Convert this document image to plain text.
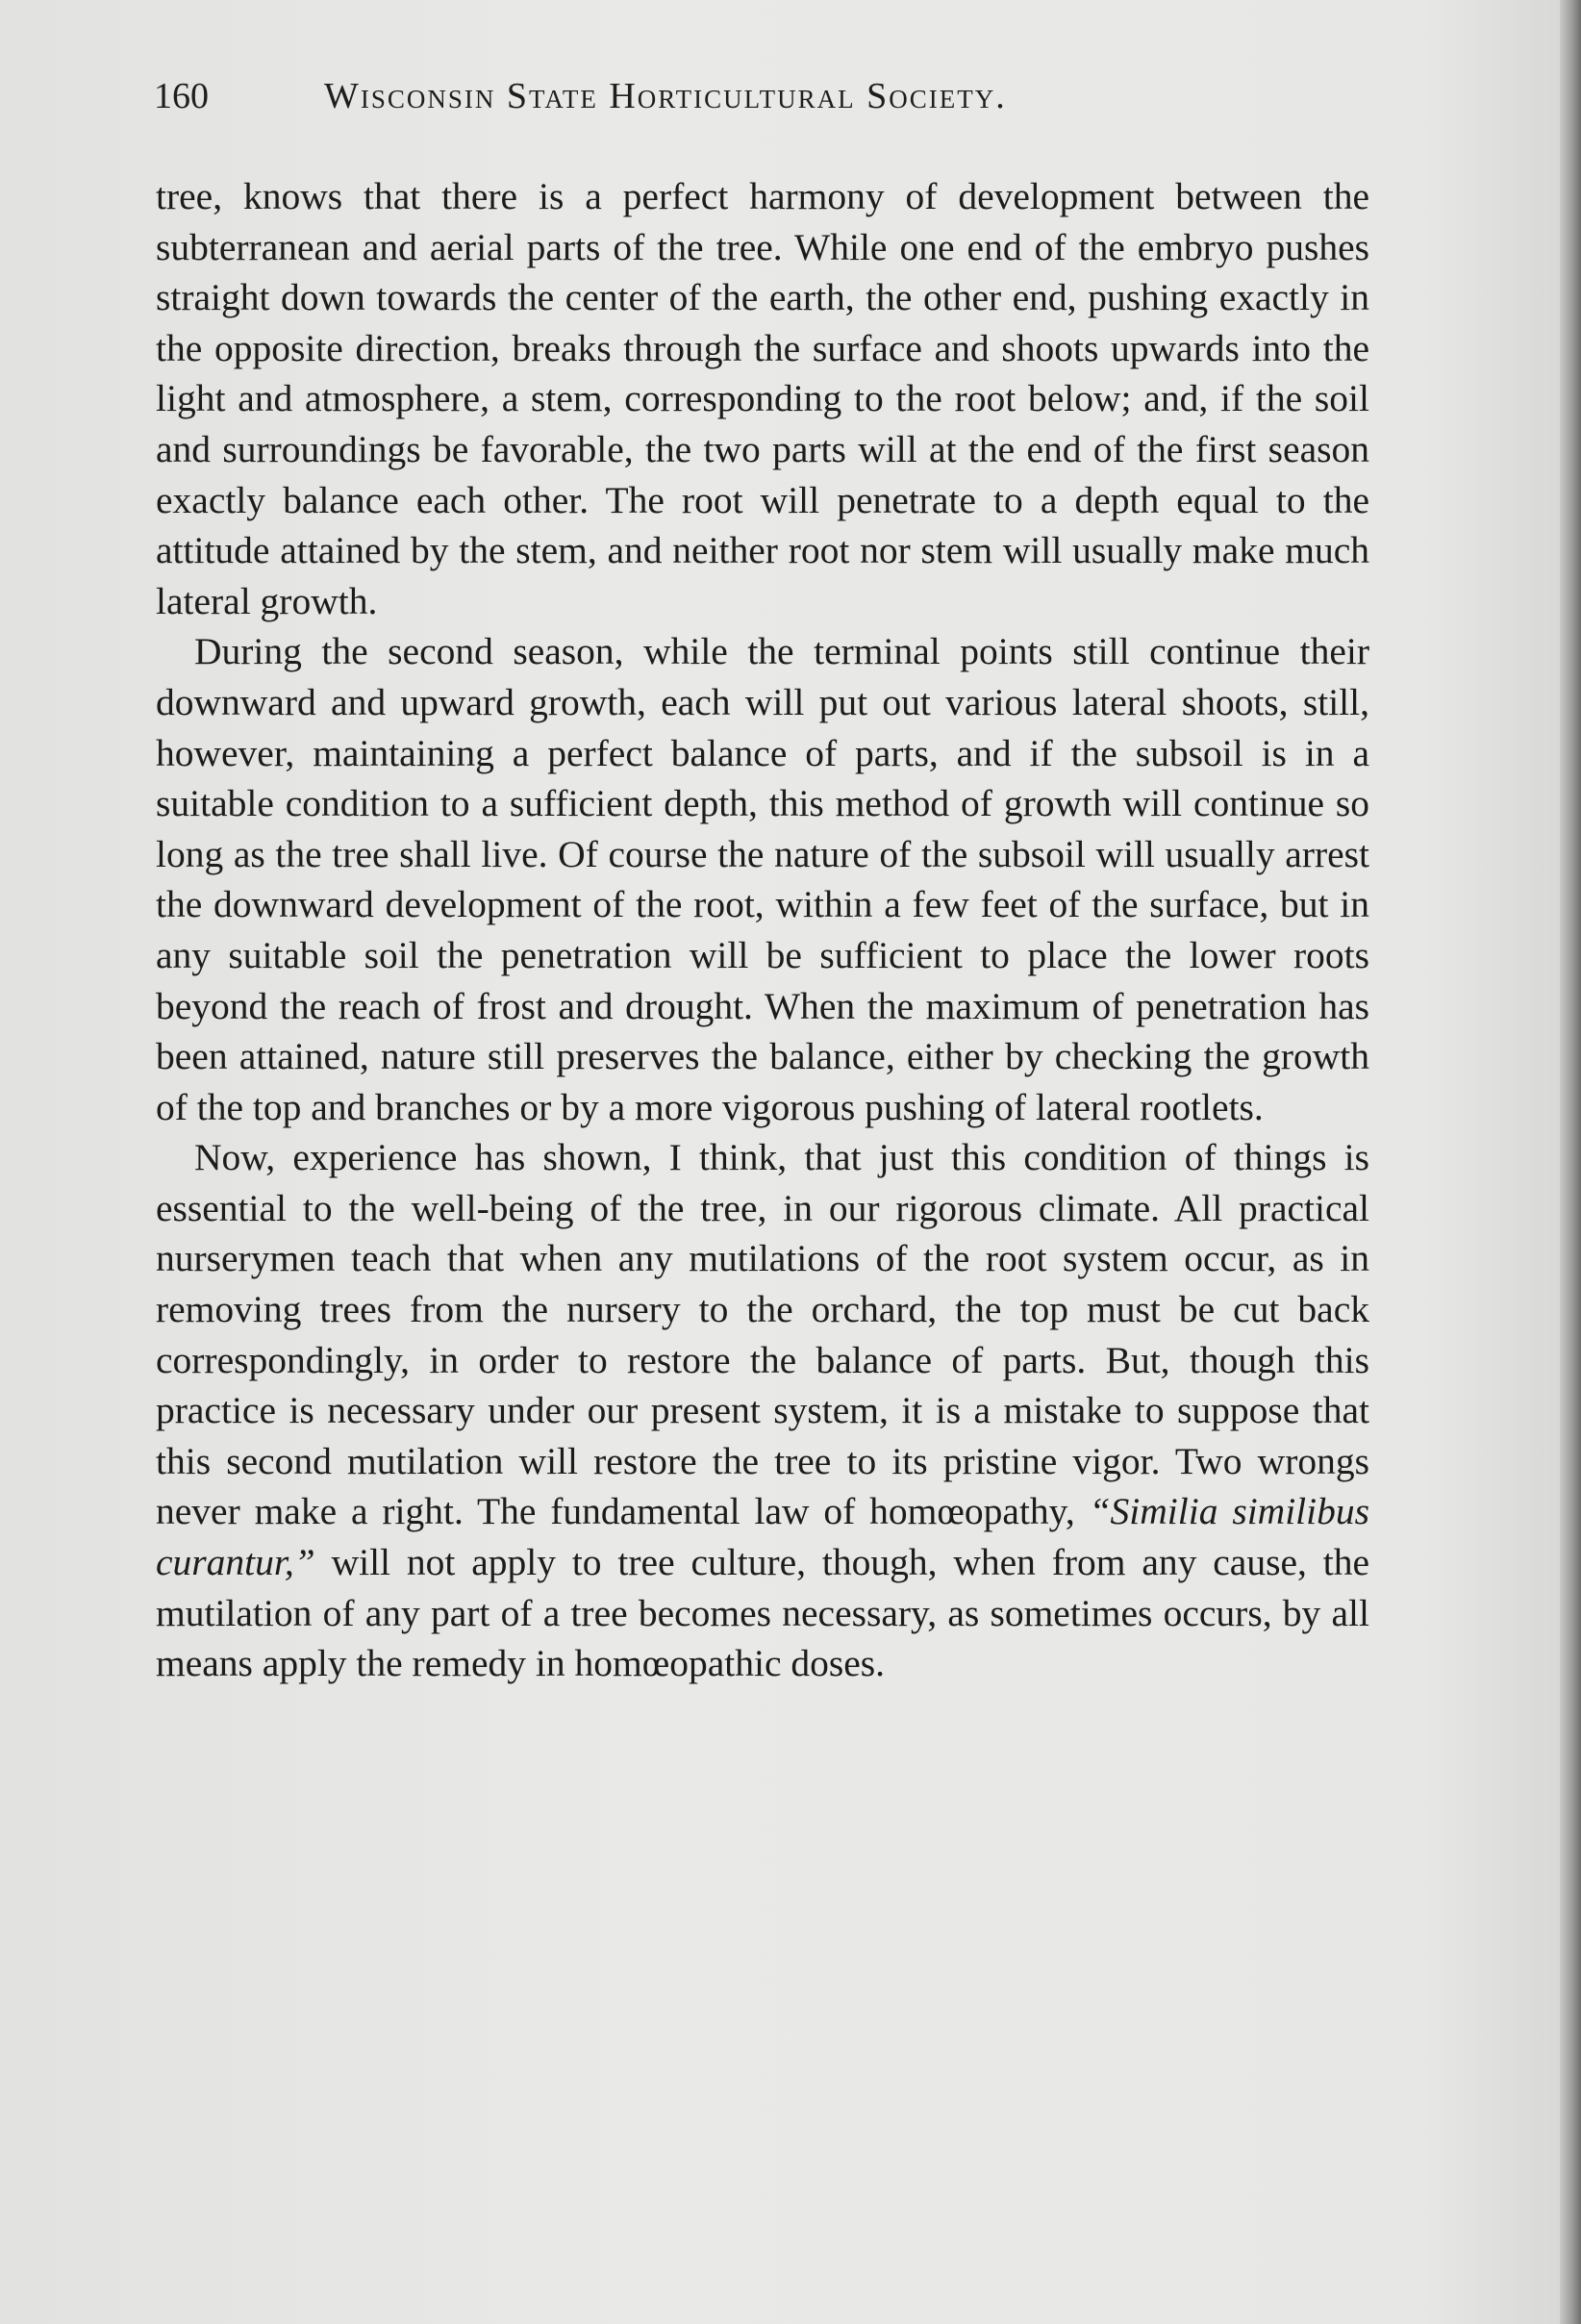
160	Wisconsin State Horticultural Society.

tree, knows that there is a perfect harmony of development between the subterranean and aerial parts of the tree. While one end of the embryo pushes straight down towards the center of the earth, the other end, pushing exactly in the opposite direction, breaks through the surface and shoots upwards into the light and atmosphere, a stem, corresponding to the root below; and, if the soil and surroundings be favorable, the two parts will at the end of the first season exactly balance each other. The root will penetrate to a depth equal to the attitude attained by the stem, and neither root nor stem will usually make much lateral growth.

During the second season, while the terminal points still continue their downward and upward growth, each will put out various lateral shoots, still, however, maintaining a perfect balance of parts, and if the subsoil is in a suitable condition to a sufficient depth, this method of growth will continue so long as the tree shall live. Of course the nature of the subsoil will usually arrest the downward development of the root, within a few feet of the surface, but in any suitable soil the penetration will be sufficient to place the lower roots beyond the reach of frost and drought. When the maximum of penetration has been attained, nature still preserves the balance, either by checking the growth of the top and branches or by a more vigorous pushing of lateral rootlets.

Now, experience has shown, I think, that just this condition of things is essential to the well-being of the tree, in our rigorous climate. All practical nurserymen teach that when any mutilations of the root system occur, as in removing trees from the nursery to the orchard, the top must be cut back correspondingly, in order to restore the balance of parts. But, though this practice is necessary under our present system, it is a mistake to suppose that this second mutilation will restore the tree to its pristine vigor. Two wrongs never make a right. The fundamental law of homœopathy, “Similia similibus curantur,” will not apply to tree culture, though, when from any cause, the mutilation of any part of a tree becomes necessary, as sometimes occurs, by all means apply the remedy in homœopathic doses.
